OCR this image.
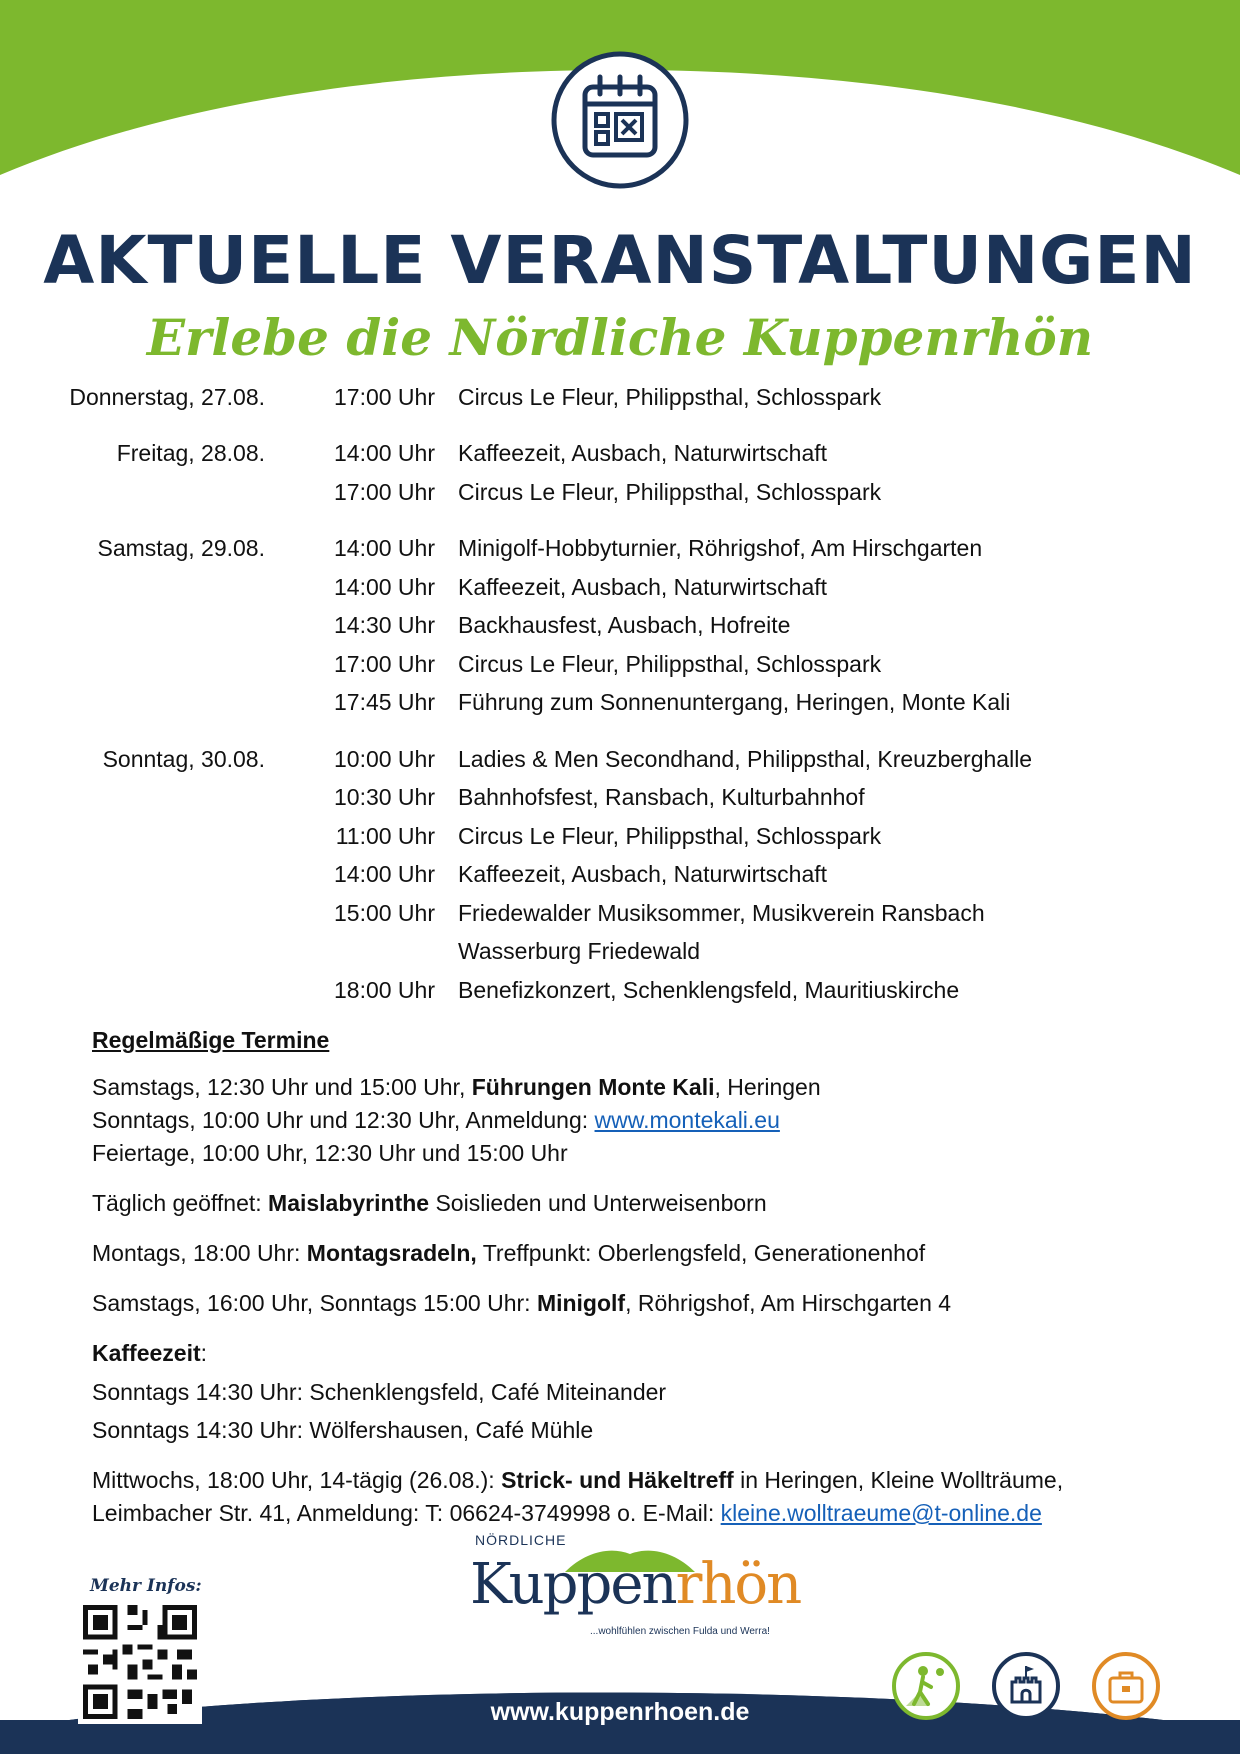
AKTUELLE VERANSTALTUNGEN
Erlebe die Nördliche Kuppenrhön
Donnerstag, 27.08.	17:00 Uhr	Circus Le Fleur, Philippsthal, Schlosspark
Freitag, 28.08.	14:00 Uhr	Kaffeezeit, Ausbach, Naturwirtschaft
17:00 Uhr	Circus Le Fleur, Philippsthal, Schlosspark
Samstag, 29.08.	14:00 Uhr	Minigolf-Hobbyturnier, Röhrigshof, Am Hirschgarten
14:00 Uhr	Kaffeezeit, Ausbach, Naturwirtschaft
14:30 Uhr	Backhausfest, Ausbach, Hofreite
17:00 Uhr	Circus Le Fleur, Philippsthal, Schlosspark
17:45 Uhr	Führung zum Sonnenuntergang, Heringen, Monte Kali
Sonntag, 30.08.	10:00 Uhr	Ladies & Men Secondhand, Philippsthal, Kreuzberghalle
10:30 Uhr	Bahnhofsfest, Ransbach, Kulturbahnhof
11:00 Uhr	Circus Le Fleur, Philippsthal, Schlosspark
14:00 Uhr	Kaffeezeit, Ausbach, Naturwirtschaft
15:00 Uhr	Friedewalder Musiksommer, Musikverein Ransbach
Wasserburg Friedewald
18:00 Uhr	Benefizkonzert, Schenklengsfeld, Mauritiuskirche
Regelmäßige Termine
Samstags, 12:30 Uhr und 15:00 Uhr, Führungen Monte Kali, Heringen
Sonntags, 10:00 Uhr und 12:30 Uhr, Anmeldung: www.montekali.eu
Feiertage, 10:00 Uhr, 12:30 Uhr und 15:00 Uhr
Täglich geöffnet: Maislabyrinthe Soislieden und Unterweisenborn
Montags, 18:00 Uhr: Montagsradeln, Treffpunkt: Oberlengsfeld, Generationenhof
Samstags, 16:00 Uhr, Sonntags 15:00 Uhr: Minigolf, Röhrigshof, Am Hirschgarten 4
Kaffeezeit:
Sonntags 14:30 Uhr: Schenklengsfeld, Café Miteinander
Sonntags 14:30 Uhr: Wölfershausen, Café Mühle
Mittwochs, 18:00 Uhr, 14-tägig (26.08.): Strick- und Häkeltreff in Heringen, Kleine Wollträume,
Leimbacher Str. 41, Anmeldung: T: 06624-3749998 o. E-Mail: kleine.wolltraeume@t-online.de
www.kuppenrhoen.de
Mehr Infos:
NÖRDLICHE
Kuppenrhön
...wohlfühlen zwischen Fulda und Werra!
